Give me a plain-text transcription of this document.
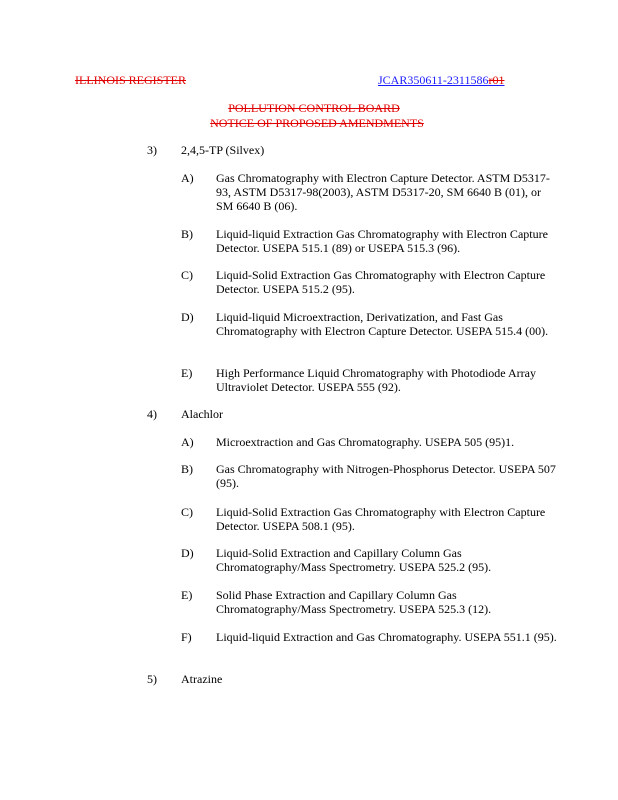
ILLINOIS REGISTER	JCAR350611-2311586r01
POLLUTION CONTROL BOARD
NOTICE OF PROPOSED AMENDMENTS
3) 2,4,5-TP (Silvex)
A) Gas Chromatography with Electron Capture Detector. ASTM D5317-93, ASTM D5317-98(2003), ASTM D5317-20, SM 6640 B (01), or SM 6640 B (06).
B) Liquid-liquid Extraction Gas Chromatography with Electron Capture Detector. USEPA 515.1 (89) or USEPA 515.3 (96).
C) Liquid-Solid Extraction Gas Chromatography with Electron Capture Detector. USEPA 515.2 (95).
D) Liquid-liquid Microextraction, Derivatization, and Fast Gas Chromatography with Electron Capture Detector. USEPA 515.4 (00).
E) High Performance Liquid Chromatography with Photodiode Array Ultraviolet Detector. USEPA 555 (92).
4) Alachlor
A) Microextraction and Gas Chromatography. USEPA 505 (95)1.
B) Gas Chromatography with Nitrogen-Phosphorus Detector. USEPA 507 (95).
C) Liquid-Solid Extraction Gas Chromatography with Electron Capture Detector. USEPA 508.1 (95).
D) Liquid-Solid Extraction and Capillary Column Gas Chromatography/Mass Spectrometry. USEPA 525.2 (95).
E) Solid Phase Extraction and Capillary Column Gas Chromatography/Mass Spectrometry. USEPA 525.3 (12).
F) Liquid-liquid Extraction and Gas Chromatography. USEPA 551.1 (95).
5) Atrazine
